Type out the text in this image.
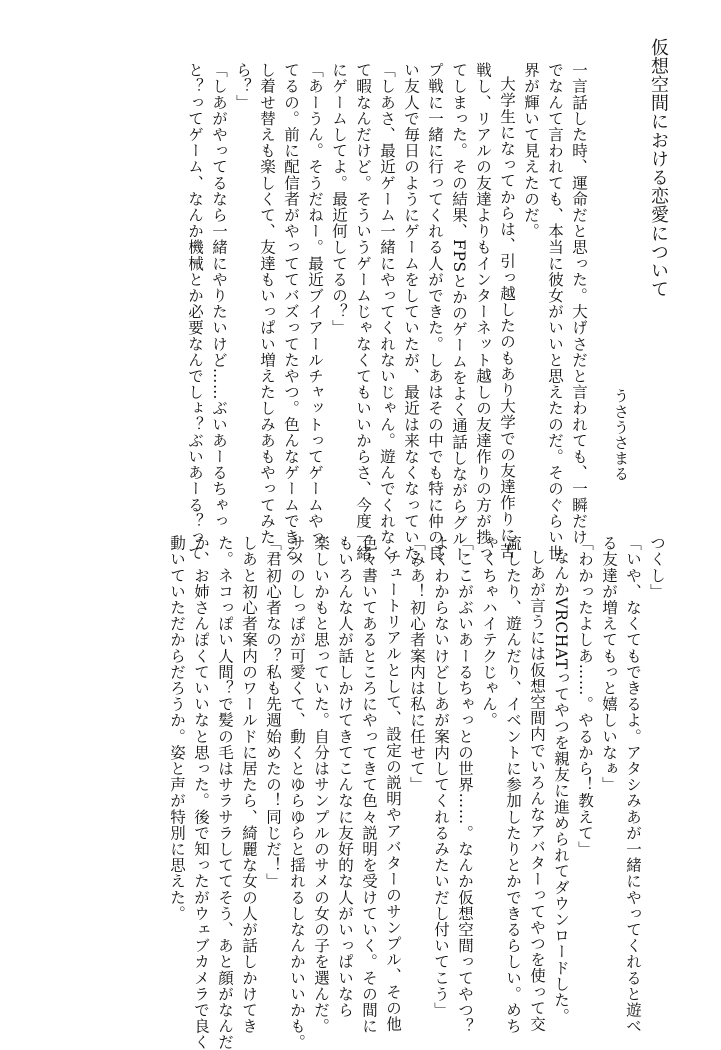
仮想空間における恋愛について
うさうさまる

一言話した時、運命だと思った。大げさだと言われても、一瞬だけ

でなんて言われても、本当に彼女がいいと思えたのだ。そのぐらい世

界が輝いて見えたのだ。

大学生になってからは、引っ越したのもあり大学での友達作りに苦

戦し、リアルの友達よりもインターネット越しの友達作りの方が捗っ

てしまった。その結果、FPSとかのゲームをよく通話しながらグルー

プ戦に一緒に行ってくれる人ができた。しあはその中でも特に仲の良

い友人で毎日のようにゲームをしていたが、最近は来なくなっていた。

「しあさ、最近ゲーム一緒にやってくれないじゃん。遊んでくれなく

て暇なんだけど。そういうゲームじゃなくてもいいからさ、今度一緒

にゲームしてよ。最近何してるの？」

「あーうん。そうだねー。最近ブイアールチャットってゲームやっ

てるの。前に配信者がやっててバズってたやつ。色んなゲームできる

し着せ替えも楽しくて、友達もいっぱい増えたしみあもやってみた

ら？」

「しあがやってるなら一緒にやりたいけど……ぶいあーるちゃっ

と？ってゲーム、なんか機械とか必要なんでしょ？ぶいあーる？って

つくし」

「いや、なくてもできるよ。アタシみあが一緒にやってくれると遊べ

る友達が増えてもっと嬉しいなぁ」

「わかったよしあ……。やるから！教えて」

なんかVRCHATってやつを親友に進められてダウンロードした。

しあが言うには仮想空間内でいろんなアバターってやつを使って交

流したり、遊んだり、イベントに参加したりとかできるらしい。めち

ゃくちゃハイテクじゃん。

「ここがぶいあーるちゃっとの世界……。なんか仮想空間ってやつ？

よくわからないけどしあが案内してくれるみたいだし付いてこう」

「みあ！初心者案内は私に任せて」

チュートリアルとして、設定の説明やアバターのサンプル、その他

色々書いてあるところにやってきて色々説明を受けていく。その間に

もいろんな人が話しかけてきてこんなに友好的な人がいっぱいなら

楽しいかもと思っていた。自分はサンプルのサメの女の子を選んだ。

サメのしっぽが可愛くて、動くとゆらゆらと揺れるしなんかいいかも。

「君初心者なの？私も先週始めたの！同じだ！」

しあと初心者案内のワールドに居たら、綺麗な女の人が話しかけてき

た。ネコっぽい人間？で髪の毛はサラサラしててそう、あと顔がなんだ

か、お姉さんぽくていいなと思った。後で知ったがウェブカメラで良く

動いていただからだろうか。姿と声が特別に思えた。
